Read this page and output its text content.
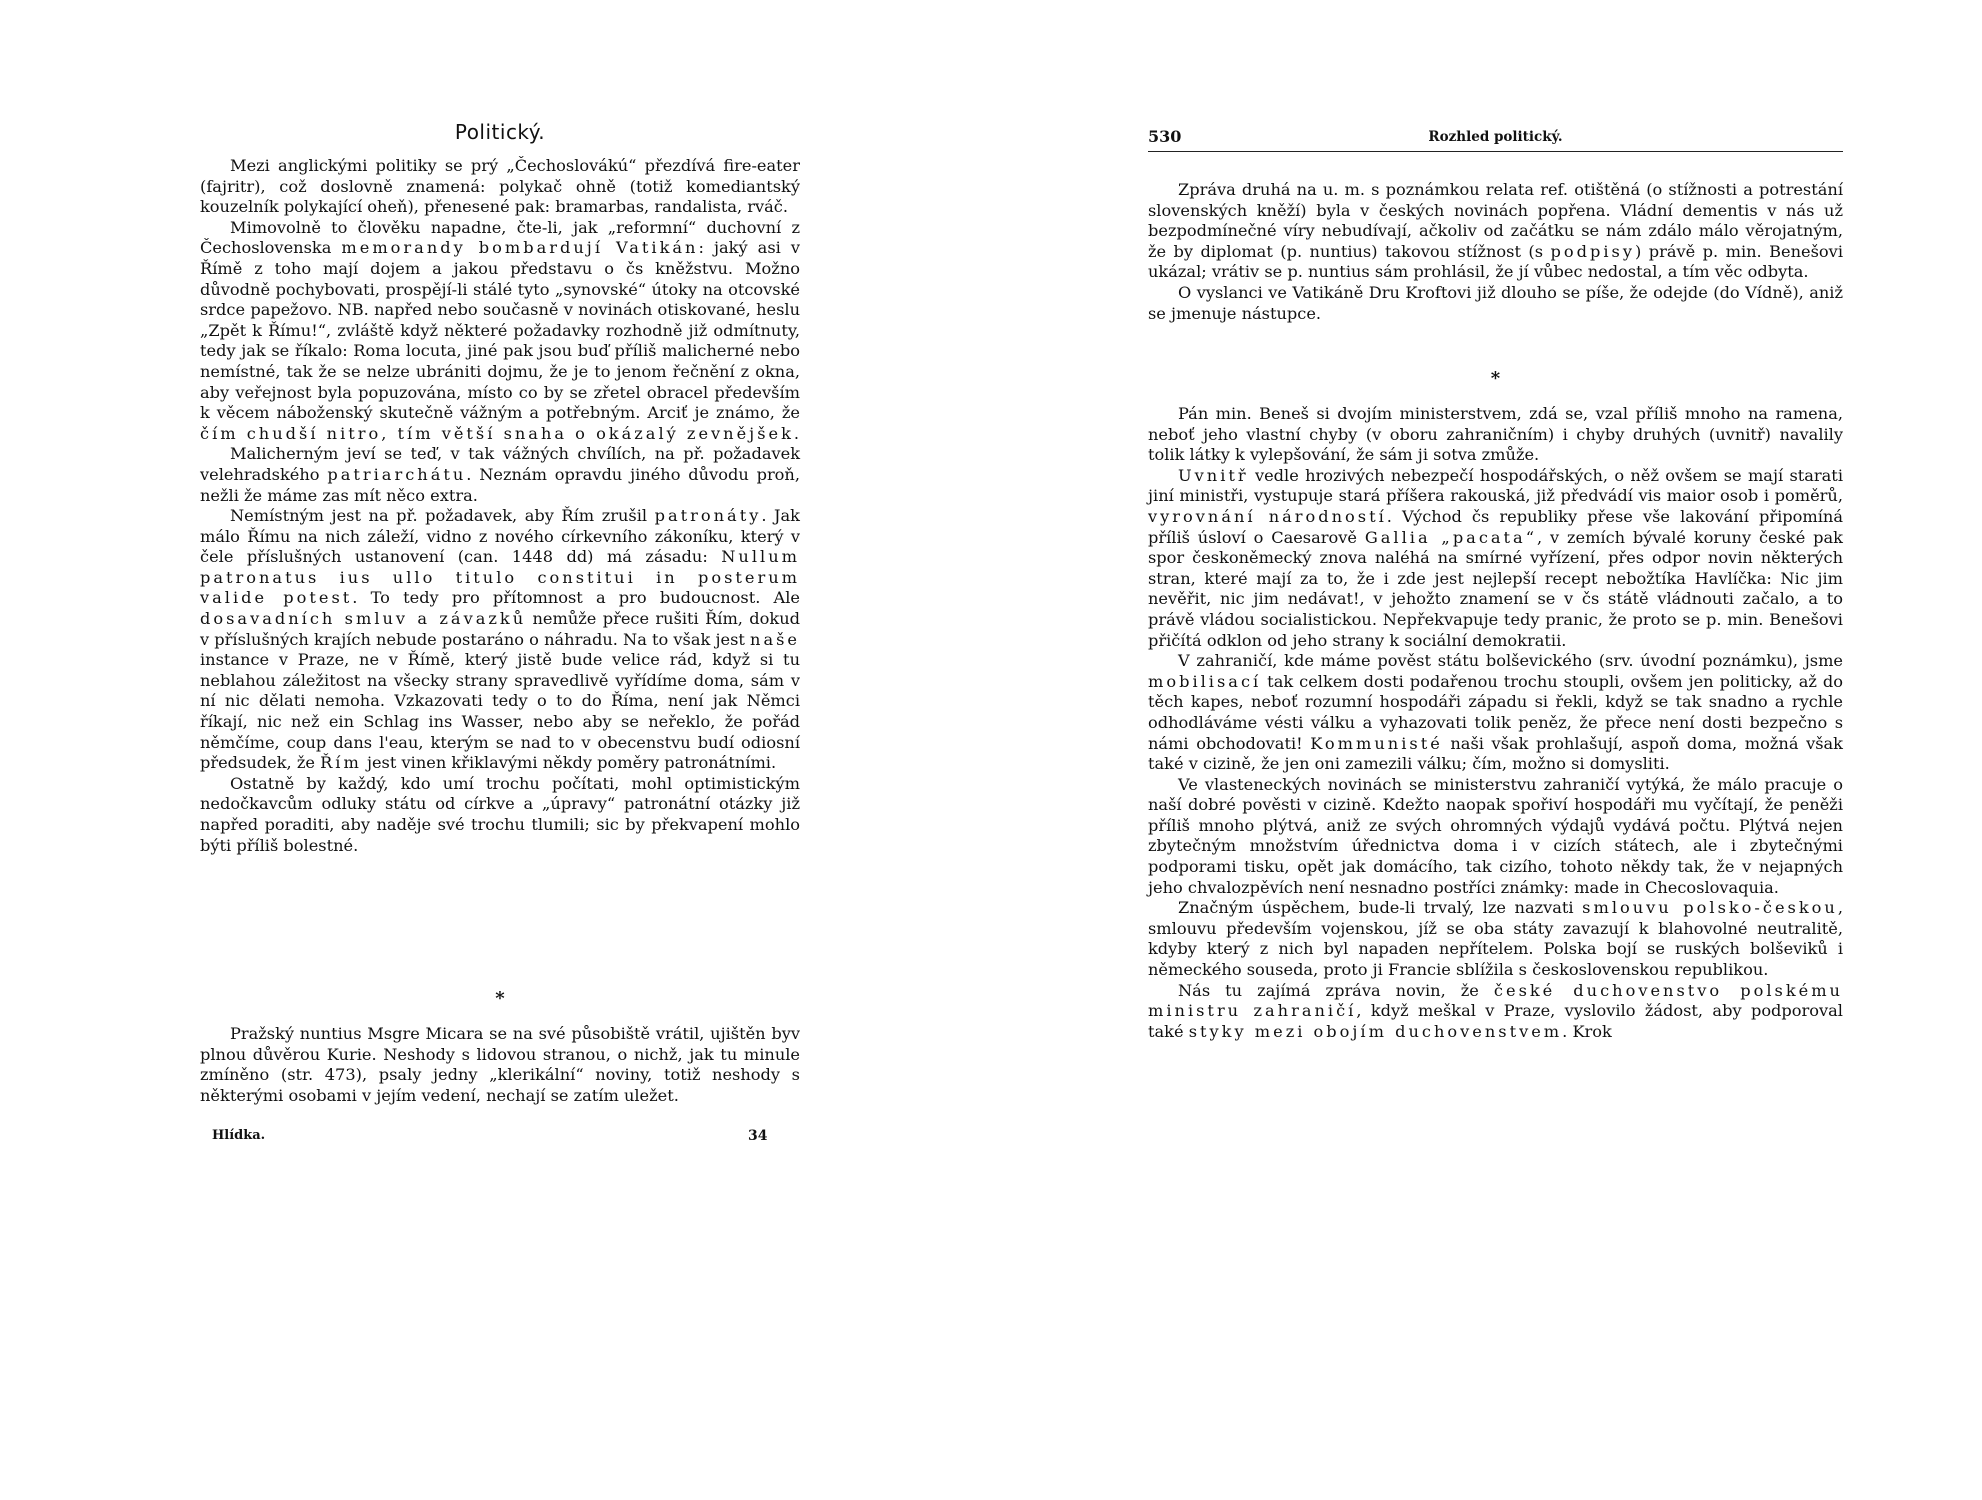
Politický.

Mezi anglickými politiky se prý „Čechoslovákú“ přezdívá fire-eater (fajritr), což doslovně znamená: polykač ohně (totiž komediantský kouzelník polykající oheň), přenesené pak: bramarbas, randalista, rváč.

Mimovolně to člověku napadne, čte-li, jak „reformní“ duchovní z Čechoslovenska memorandy bombardují Vatikán: jaký asi v Římě z toho mají dojem a jakou představu o čs kněžstvu. Možno důvodně pochybovati, prospějí-li stálé tyto „synovské“ útoky na otcovské srdce papežovo. NB. napřed nebo současně v novinách otiskované, heslu „Zpět k Římu!“, zvláště když některé požadavky rozhodně již odmítnuty, tedy jak se říkalo: Roma locuta, jiné pak jsou buď příliš malicherné nebo nemístné, tak že se nelze ubrániti dojmu, že je to jenom řečnění z okna, aby veřejnost byla popuzována, místo co by se zřetel obracel především k věcem náboženský skutečně vážným a potřebným. Arciť je známo, že čím chudší nitro, tím větší snaha o okázalý zevnějšek.

Malicherným jeví se teď, v tak vážných chvílích, na př. požadavek velehradského patriarchátu. Neznám opravdu jiného důvodu proň, nežli že máme zas mít něco extra.

Nemístným jest na př. požadavek, aby Řím zrušil patronáty. Jak málo Římu na nich záleží, vidno z nového církevního zákoníku, který v čele příslušných ustanovení (can. 1448 dd) má zásadu: Nullum patronatus ius ullo titulo constitui in posterum valide potest. To tedy pro přítomnost a pro budoucnost. Ale dosavadních smluv a závazků nemůže přece rušiti Řím, dokud v příslušných krajích nebude postaráno o náhradu. Na to však jest naše instance v Praze, ne v Římě, který jistě bude velice rád, když si tu neblahou záležitost na všecky strany spravedlivě vyřídíme doma, sám v ní nic dělati nemoha. Vzkazovati tedy o to do Říma, není jak Němci říkají, nic než ein Schlag ins Wasser, nebo aby se neřeklo, že pořád němčíme, coup dans l'eau, kterým se nad to v obecenstvu budí odiosní předsudek, že Řím jest vinen křiklavými někdy poměry patronátními.

Ostatně by každý, kdo umí trochu počítati, mohl optimistickým nedočkavcům odluky státu od církve a „úpravy“ patronátní otázky již napřed poraditi, aby naděje své trochu tlumili; sic by překvapení mohlo býti příliš bolestné.

*

Pražský nuntius Msgre Micara se na své působiště vrátil, ujištěn byv plnou důvěrou Kurie. Neshody s lidovou stranou, o nichž, jak tu minule zmíněno (str. 473), psaly jedny „klerikální“ noviny, totiž neshody s některými osobami v jejím vedení, nechají se zatím uležet.

Hlídka.	34
530	Rozhled politický.

Zpráva druhá na u. m. s poznámkou relata ref. otištěná (o stížnosti a potrestání slovenských kněží) byla v českých novinách popřena. Vládní dementis v nás už bezpodmínečné víry nebudívají, ačkoliv od začátku se nám zdálo málo věrojatným, že by diplomat (p. nuntius) takovou stížnost (s podpisy) právě p. min. Benešovi ukázal; vrátiv se p. nuntius sám prohlásil, že jí vůbec nedostal, a tím věc odbyta.

O vyslanci ve Vatikáně Dru Kroftovi již dlouho se píše, že odejde (do Vídně), aniž se jmenuje nástupce.

*

Pán min. Beneš si dvojím ministerstvem, zdá se, vzal příliš mnoho na ramena, neboť jeho vlastní chyby (v oboru zahraničním) i chyby druhých (uvnitř) navalily tolik látky k vylepšování, že sám ji sotva zmůže.

Uvnitř vedle hrozivých nebezpečí hospodářských, o něž ovšem se mají starati jiní ministři, vystupuje stará příšera rakouská, již předvádí vis maior osob i poměrů, vyrovnání národností. Východ čs republiky přese vše lakování připomíná příliš úsloví o Caesarově Gallia „pacata“, v zemích bývalé koruny české pak spor českoněmecký znova naléhá na smírné vyřízení, přes odpor novin některých stran, které mají za to, že i zde jest nejlepší recept nebožtíka Havlíčka: Nic jim nevěřit, nic jim nedávat!, v jehožto znamení se v čs státě vládnouti začalo, a to právě vládou socialistickou. Nepřekvapuje tedy pranic, že proto se p. min. Benešovi přičítá odklon od jeho strany k sociální demokratii.

V zahraničí, kde máme pověst státu bolševického (srv. úvodní poznámku), jsme mobilisací tak celkem dosti podařenou trochu stoupli, ovšem jen politicky, až do těch kapes, neboť rozumní hospodáři západu si řekli, když se tak snadno a rychle odhodláváme vésti válku a vyhazovati tolik peněz, že přece není dosti bezpečno s námi obchodovati! Kommunisté naši však prohlašují, aspoň doma, možná však také v cizině, že jen oni zamezili válku; čím, možno si domysliti.

Ve vlasteneckých novinách se ministerstvu zahraničí vytýká, že málo pracuje o naší dobré pověsti v cizině. Kdežto naopak spořiví hospodáři mu vyčítají, že peněži příliš mnoho plýtvá, aniž ze svých ohromných výdajů vydává počtu. Plýtvá nejen zbytečným množstvím úřednictva doma i v cizích státech, ale i zbytečnými podporami tisku, opět jak domácího, tak cizího, tohoto někdy tak, že v nejapných jeho chvalozpěvích není nesnadno postříci známky: made in Checoslovaquia.

Značným úspěchem, bude-li trvalý, lze nazvati smlouvu polsko-českou, smlouvu především vojenskou, jíž se oba státy zavazují k blahovolné neutralitě, kdyby který z nich byl napaden nepřítelem. Polska bojí se ruských bolševiků i německého souseda, proto ji Francie sblížila s československou republikou.

Nás tu zajímá zpráva novin, že české duchovenstvo polskému ministru zahraničí, když meškal v Praze, vyslovilo žádost, aby podporoval také styky mezi obojím duchovenstvem. Krok
